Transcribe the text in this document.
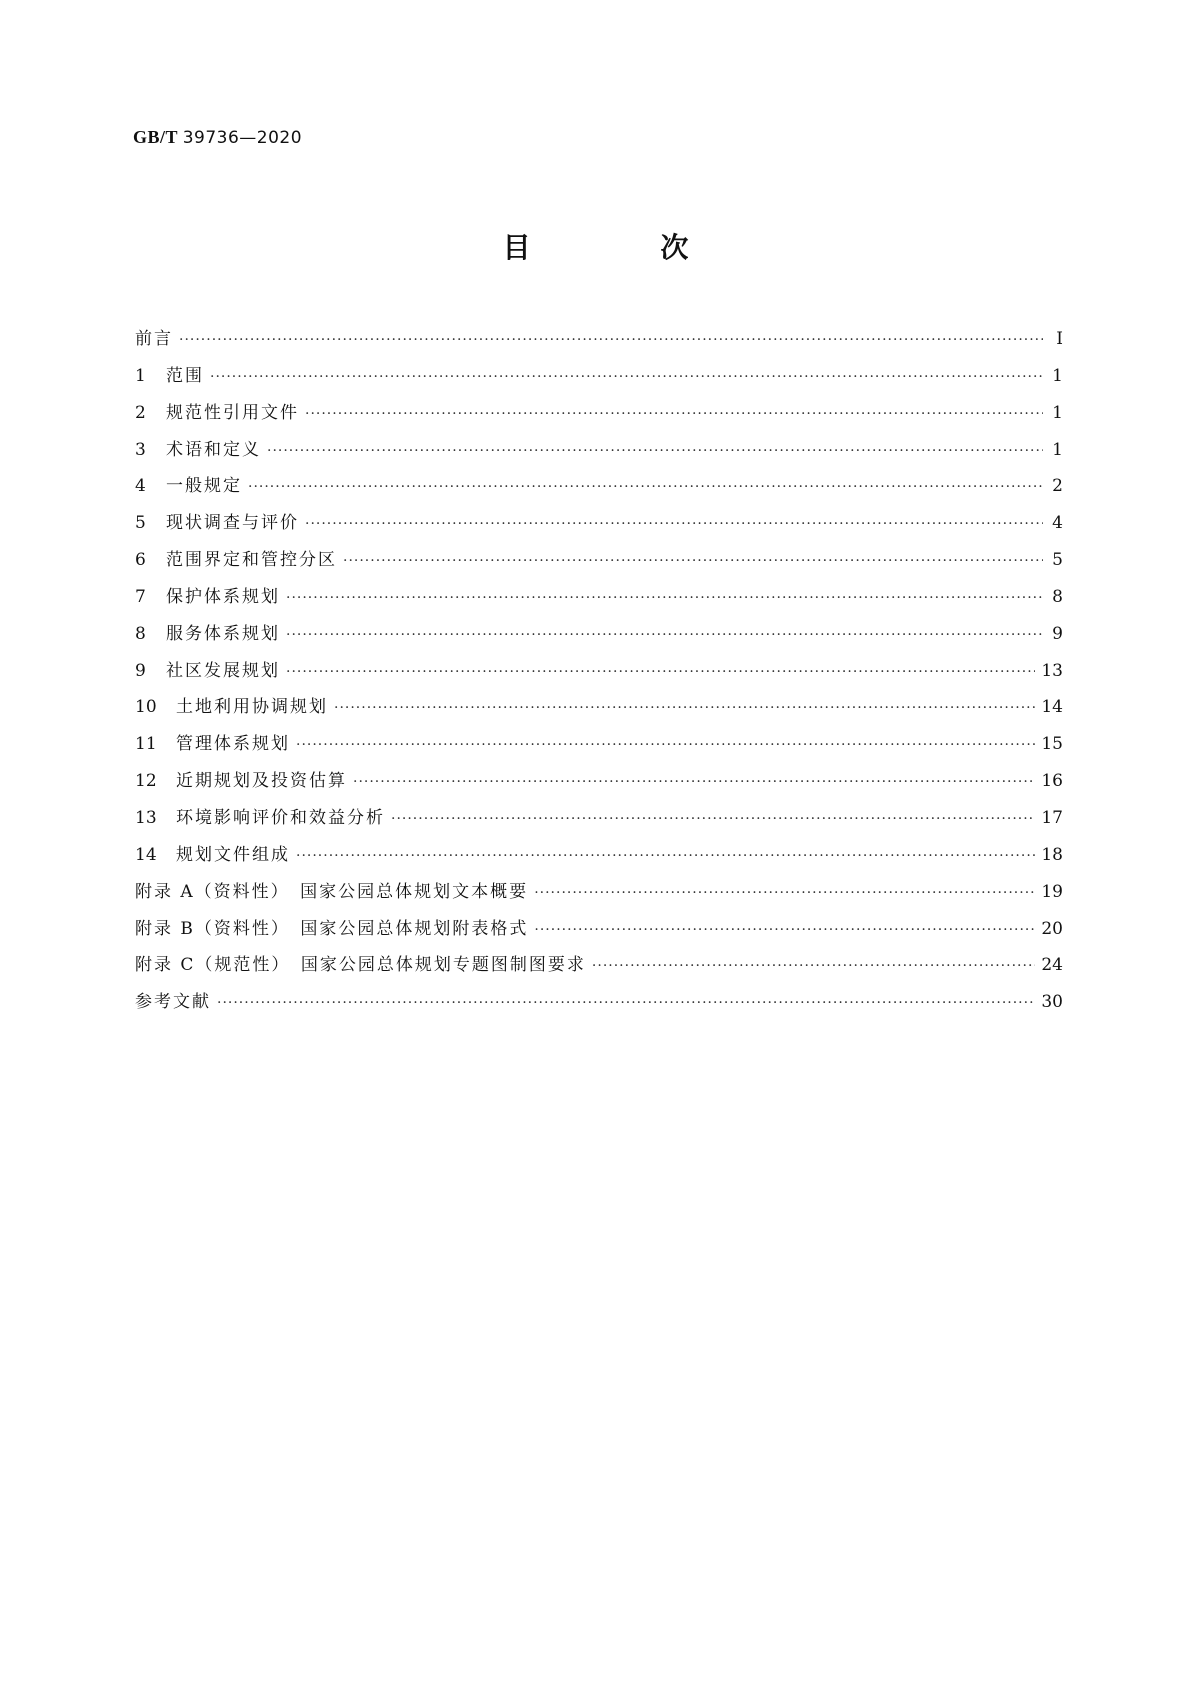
GB/T 39736—2020
目 次
前言 ·····	I
1 范围 ·····	1
2 规范性引用文件 ·····	1
3 术语和定义 ·····	1
4 一般规定 ·····	2
5 现状调查与评价 ·····	4
6 范围界定和管控分区 ·····	5
7 保护体系规划 ·····	8
8 服务体系规划 ·····	9
9 社区发展规划 ·····	13
10 土地利用协调规划 ·····	14
11 管理体系规划 ·····	15
12 近期规划及投资估算 ·····	16
13 环境影响评价和效益分析 ·····	17
14 规划文件组成 ·····	18
附录 A（资料性）　国家公园总体规划文本概要 ·····	19
附录 B（资料性）　国家公园总体规划附表格式 ·····	20
附录 C（规范性）　国家公园总体规划专题图制图要求 ·····	24
参考文献 ·····	30
